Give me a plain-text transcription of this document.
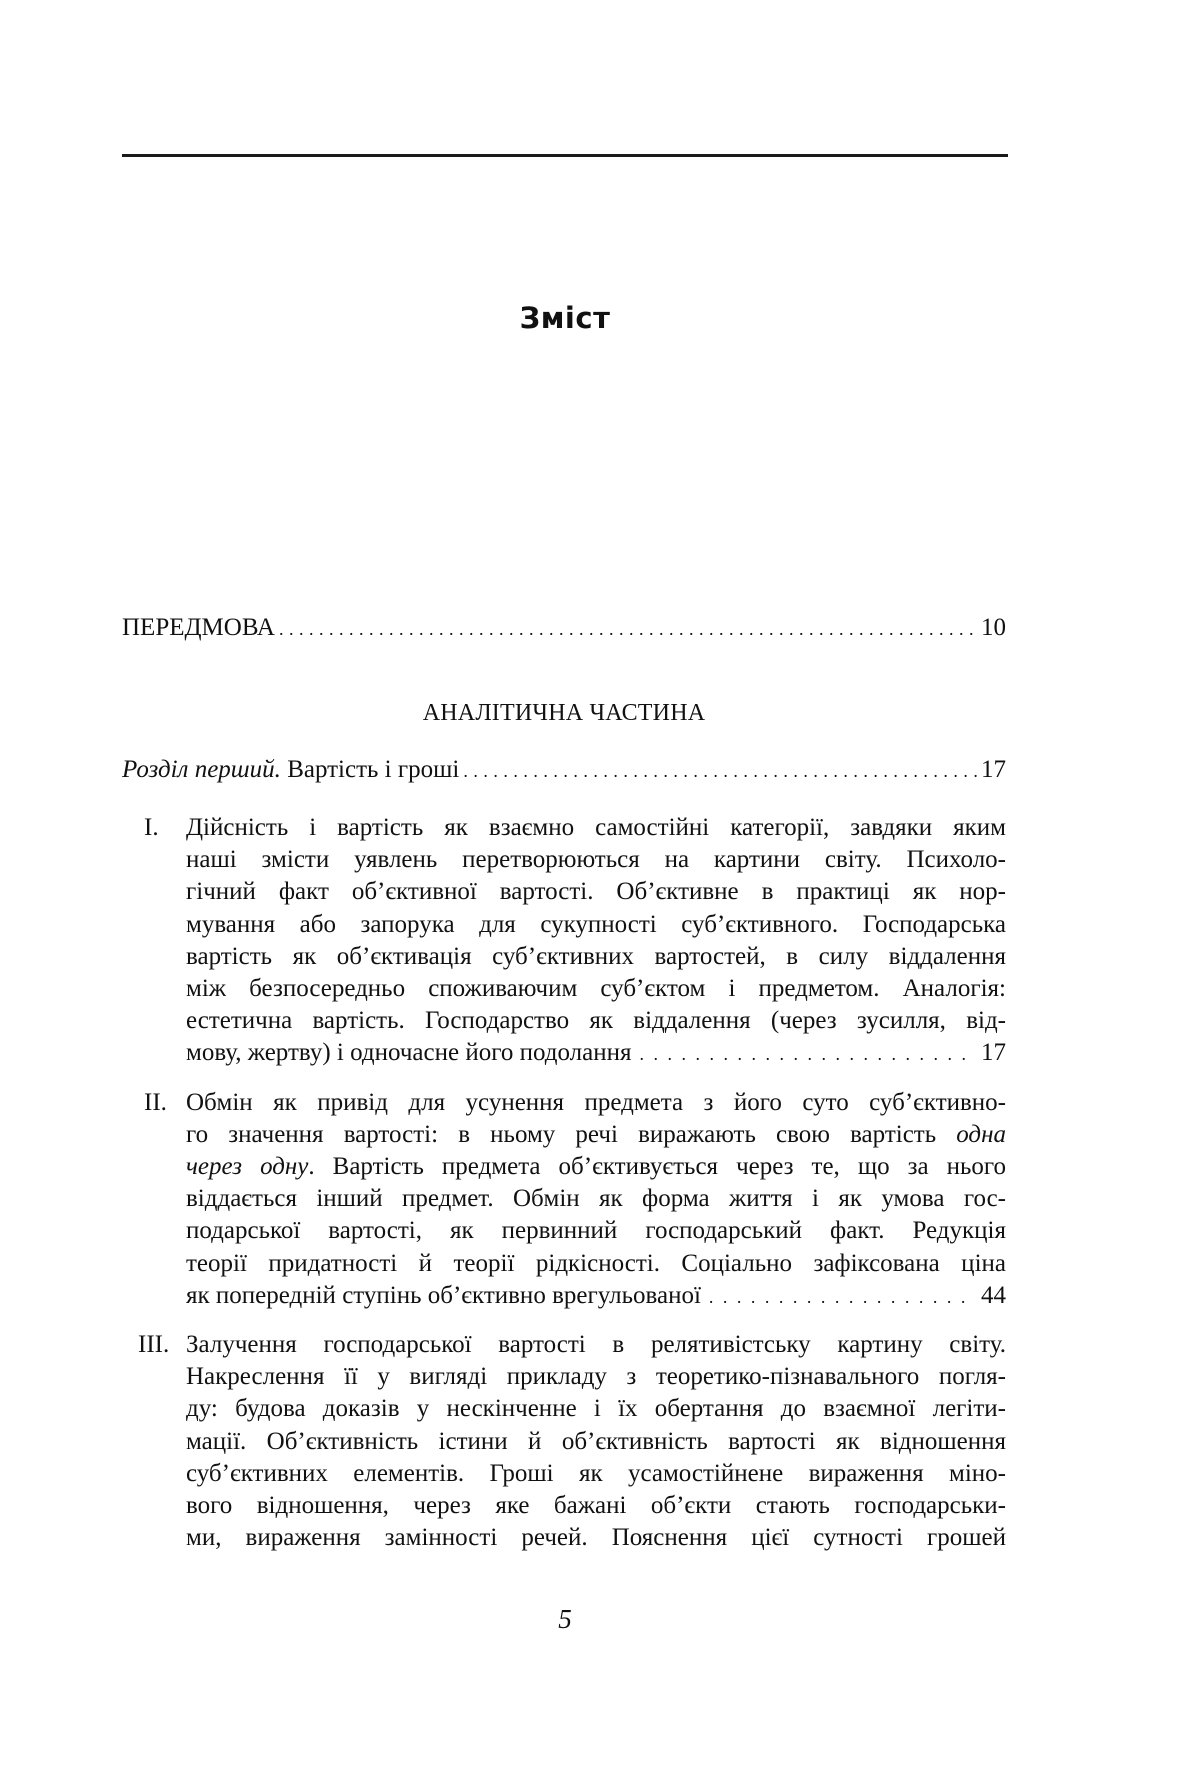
Зміст
ПЕРЕДМОВА . . .	10
АНАЛІТИЧНА ЧАСТИНА
Розділ перший.
Вартість і гроші . . .	17
I. Дійсність і вартість як взаємно самостійні категорії, завдяки яким
наші змісти уявлень перетворюються на картини світу. Психоло-
гічний факт об’єктивної вартості. Об’єктивне в практиці як нор-
мування або запорука для сукупності суб’єктивного. Господарська
вартість як об’єктивація суб’єктивних вартостей, в силу віддалення
між безпосередньо споживаючим суб’єктом і предметом. Аналогія:
естетична вартість. Господарство як віддалення (через зусилля, від-
мову, жертву) і одночасне його подолання . . .	17
II. Обмін як привід для усунення предмета з його суто суб’єктивно-
го значення вартості: в ньому речі виражають свою вартість одна
через одну. Вартість предмета об’єктивується через те, що за нього
віддається інший предмет. Обмін як форма життя і як умова гос-
подарської вартості, як первинний господарський факт. Редукція
теорії придатності й теорії рідкісності. Соціально зафіксована ціна
як попередній ступінь об’єктивно врегульованої . . .	44
III. Залучення господарської вартості в релятивістську картину світу.
Накреслення її у вигляді прикладу з теоретико-пізнавального погля-
ду: будова доказів у нескінченне і їх обертання до взаємної легіти-
мації. Об’єктивність істини й об’єктивність вартості як відношення
суб’єктивних елементів. Гроші як усамостійнене вираження міно-
вого відношення, через яке бажані об’єкти стають господарськи-
ми, вираження замінності речей. Пояснення цієї сутності грошей
5
